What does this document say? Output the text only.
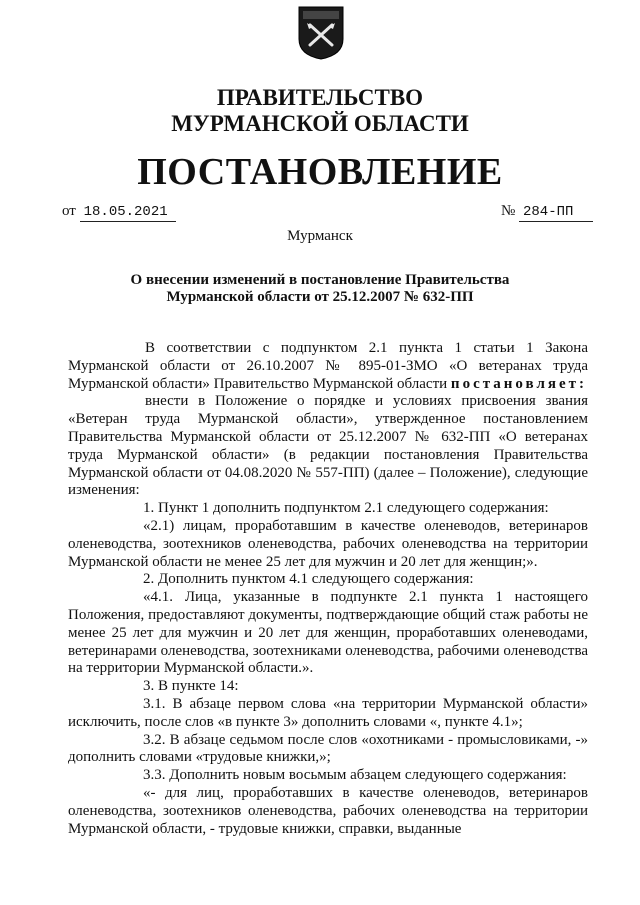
ПРАВИТЕЛЬСТВО
МУРМАНСКОЙ ОБЛАСТИ
ПОСТАНОВЛЕНИЕ
от 18.05.2021	№ 284-ПП
Мурманск
О внесении изменений в постановление Правительства
Мурманской области от 25.12.2007 № 632-ПП

В соответствии с подпунктом 2.1 пункта 1 статьи 1 Закона Мурманской области от 26.10.2007 № 895-01-ЗМО «О ветеранах труда Мурманской области» Правительство Мурманской области постановляет:

внести в Положение о порядке и условиях присвоения звания «Ветеран труда Мурманской области», утвержденное постановлением Правительства Мурманской области от 25.12.2007 № 632-ПП «О ветеранах труда Мурманской области» (в редакции постановления Правительства Мурманской области от 04.08.2020 № 557-ПП) (далее – Положение), следующие изменения:

1. Пункт 1 дополнить подпунктом 2.1 следующего содержания:

«2.1) лицам, проработавшим в качестве оленеводов, ветеринаров оленеводства, зоотехников оленеводства, рабочих оленеводства на территории Мурманской области не менее 25 лет для мужчин и 20 лет для женщин;».

2. Дополнить пунктом 4.1 следующего содержания:

«4.1. Лица, указанные в подпункте 2.1 пункта 1 настоящего Положения, предоставляют документы, подтверждающие общий стаж работы не менее 25 лет для мужчин и 20 лет для женщин, проработавших оленеводами, ветеринарами оленеводства, зоотехниками оленеводства, рабочими оленеводства на территории Мурманской области.».

3. В пункте 14:

3.1. В абзаце первом слова «на территории Мурманской области» исключить, после слов «в пункте 3» дополнить словами «, пункте 4.1»;

3.2. В абзаце седьмом после слов «охотниками - промысловиками, -» дополнить словами «трудовые книжки,»;

3.3. Дополнить новым восьмым абзацем следующего содержания:

«- для лиц, проработавших в качестве оленеводов, ветеринаров оленеводства, зоотехников оленеводства, рабочих оленеводства на территории Мурманской области, - трудовые книжки, справки, выданные
